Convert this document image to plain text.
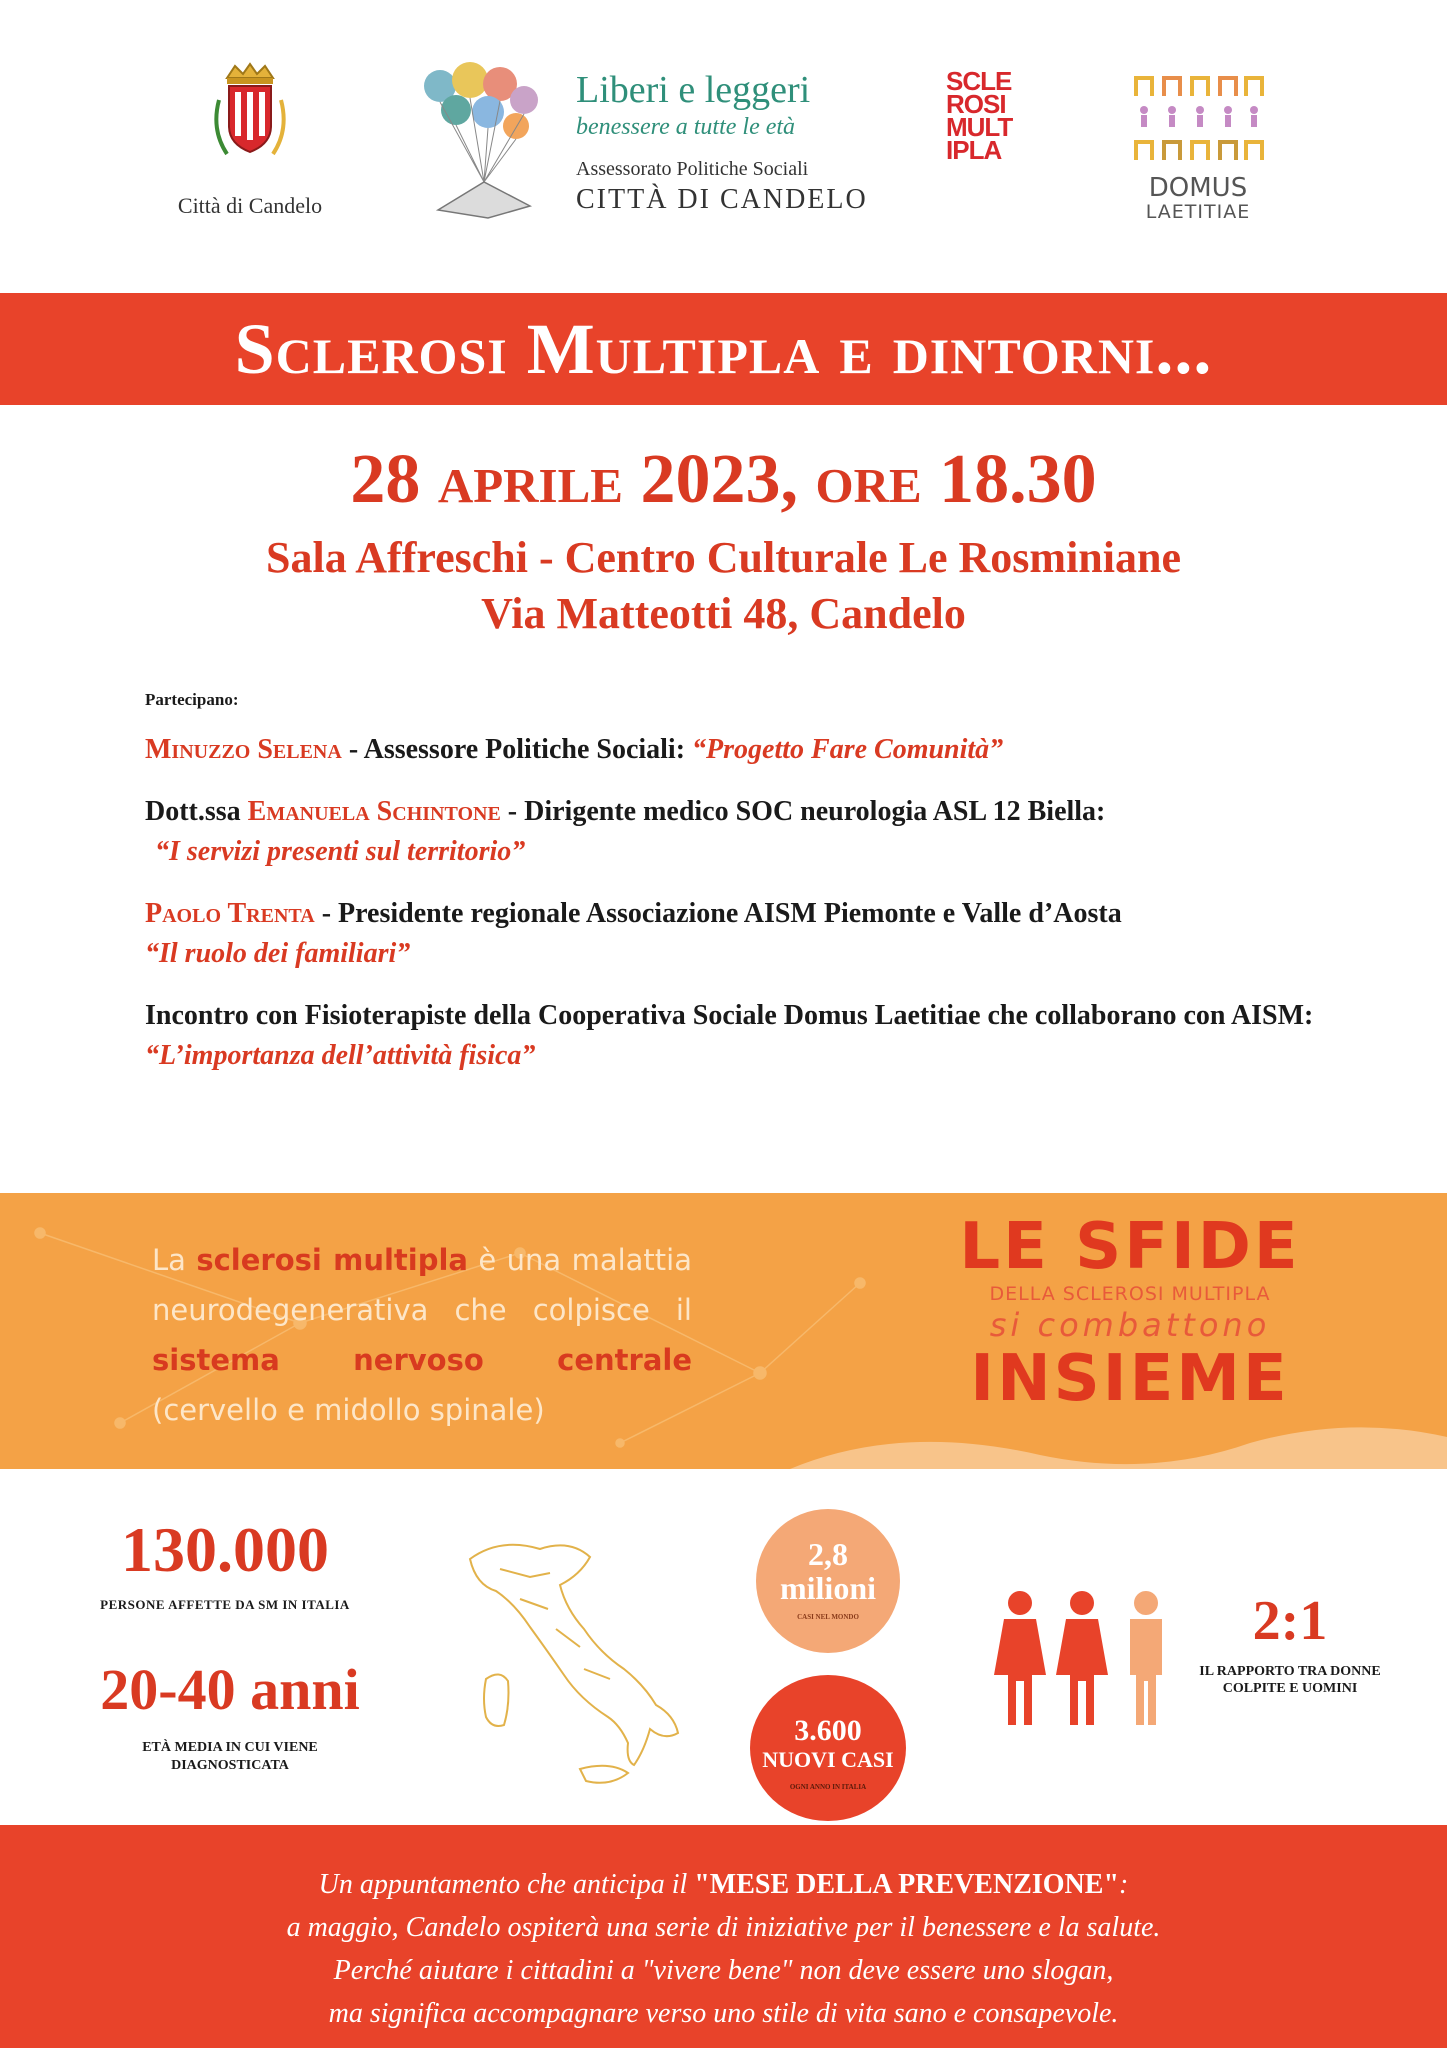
Città di Candelo
Liberi e leggeri
benessere a tutte le età
Assessorato Politiche Sociali
CITTÀ DI CANDELO
SCLE
ROSI
MULT
IPLA
DOMUS
LAETITIAE
Sclerosi Multipla e dintorni...
28 aprile 2023, ore 18.30
Sala Affreschi - Centro Culturale Le Rosminiane
Via Matteotti 48, Candelo
Partecipano:
Minuzzo Selena - Assessore Politiche Sociali: “Progetto Fare Comunità”
Dott.ssa Emanuela Schintone - Dirigente medico SOC neurologia ASL 12 Biella:
“I servizi presenti sul territorio”
Paolo Trenta - Presidente regionale Associazione AISM Piemonte e Valle d’Aosta
“Il ruolo dei familiari”
Incontro con Fisioterapiste della Cooperativa Sociale Domus Laetitiae che collaborano con AISM: “L’importanza dell’attività fisica”
La sclerosi multipla è una malattia neurodegenerativa che colpisce il sistema nervoso centrale (cervello e midollo spinale)
LE SFIDE
DELLA SCLEROSI MULTIPLA
si combattono
INSIEME
130.000
PERSONE AFFETTE DA SM IN ITALIA
20-40 anni
ETÀ MEDIA IN CUI VIENE DIAGNOSTICATA
2,8
milioni
CASI NEL MONDO
3.600
NUOVI CASI
OGNI ANNO IN ITALIA
2:1
IL RAPPORTO TRA DONNE COLPITE E UOMINI

Un appuntamento che anticipa il "MESE DELLA PREVENZIONE":

a maggio, Candelo ospiterà una serie di iniziative per il benessere e la salute.

Perché aiutare i cittadini a "vivere bene" non deve essere uno slogan,

ma significa accompagnare verso uno stile di vita sano e consapevole.
